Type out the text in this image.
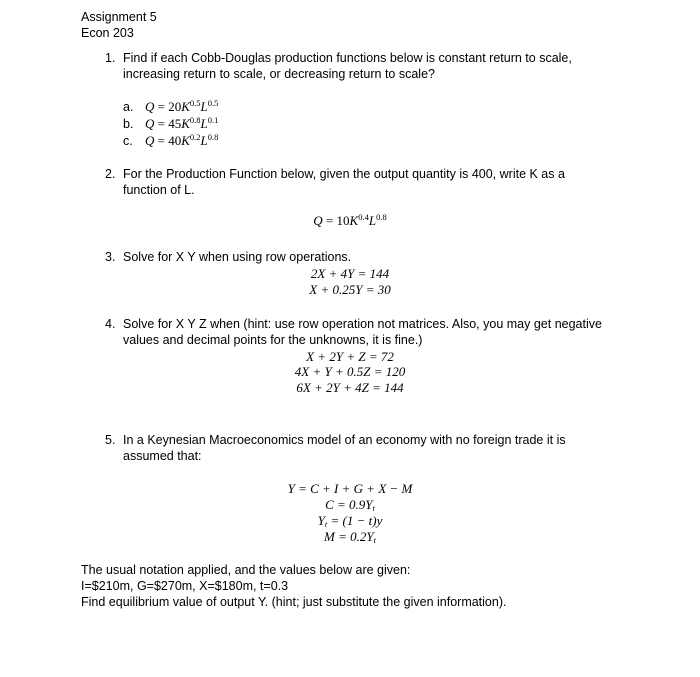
Assignment 5
Econ 203
1. Find if each Cobb-Douglas production functions below is constant return to scale,
increasing return to scale, or decreasing return to scale?
a. $Q = 20K^{0.5}L^{0.5}$
b. $Q = 45K^{0.8}L^{0.1}$
c. $Q = 40K^{0.2}L^{0.8}$
2. For the Production Function below, given the output quantity is 400, write K as a
function of L.
$Q = 10K^{0.4}L^{0.8}$
3. Solve for X Y when using row operations.
2X + 4Y = 144
X + 0.25Y = 30
4. Solve for X Y Z when (hint: use row operation not matrices. Also, you may get negative
values and decimal points for the unknowns, it is fine.)
X + 2Y + Z = 72
4X + Y + 0.5Z = 120
6X + 2Y + 4Z = 144
5. In a Keynesian Macroeconomics model of an economy with no foreign trade it is
assumed that:
Y = C + I + G + X − M
$C = 0.9Y_t$
$Y_t = (1 - t)y$
$M = 0.2Y_t$
The usual notation applied, and the values below are given:
I=$210m, G=$270m, X=$180m, t=0.3
Find equilibrium value of output Y. (hint; just substitute the given information).
